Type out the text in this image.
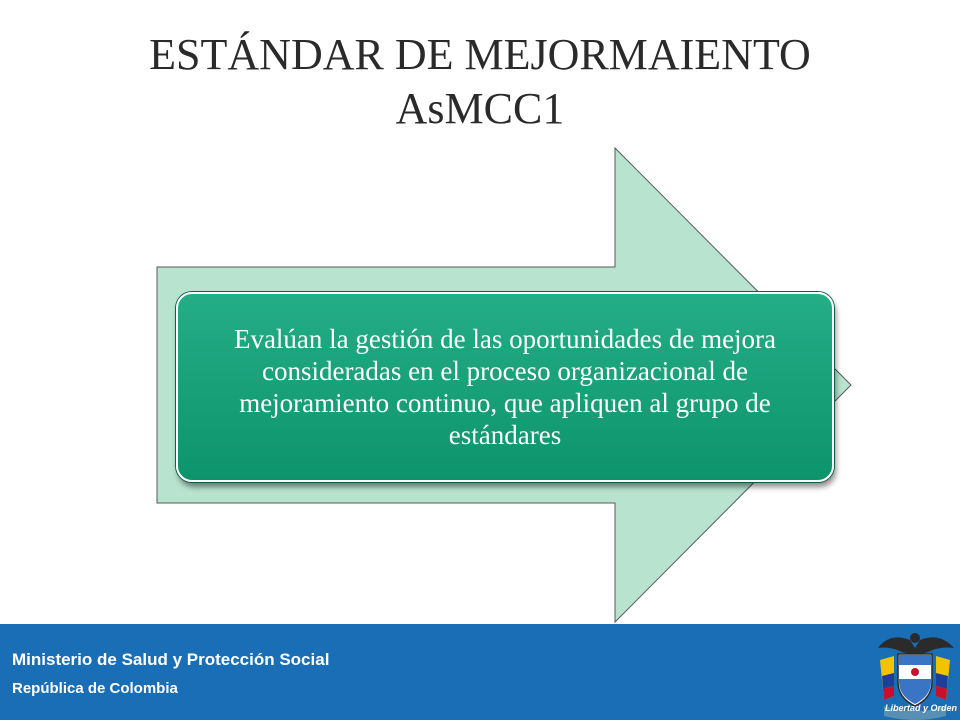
ESTÁNDAR DE MEJORMAIENTO
AsMCC1
Evalúan la gestión de las oportunidades de mejora consideradas en el proceso organizacional de mejoramiento continuo, que apliquen al grupo de estándares
Ministerio de Salud y Protección Social
República de Colombia
Libertad y Orden
